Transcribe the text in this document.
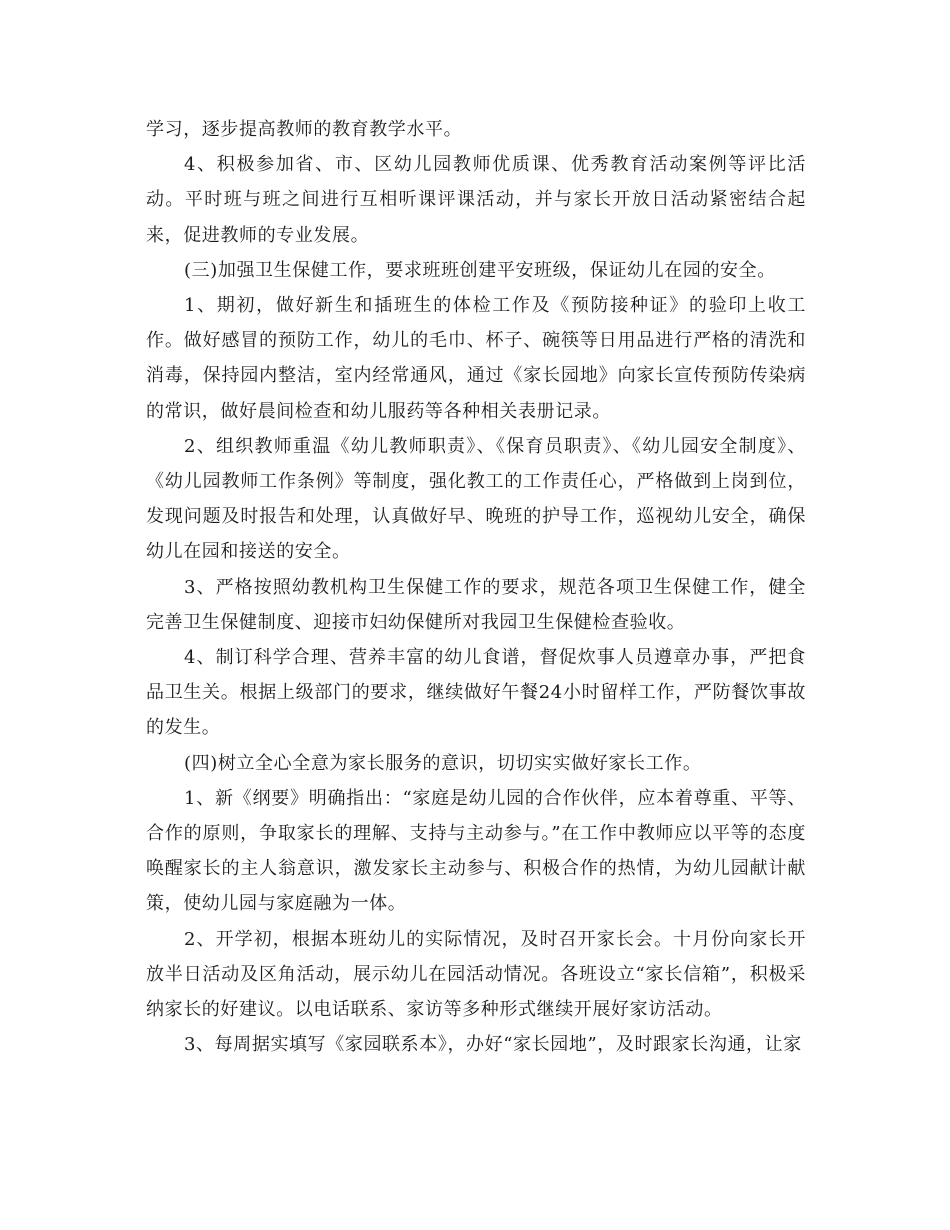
学习，逐步提高教师的教育教学水平。

4、积极参加省、市、区幼儿园教师优质课、优秀教育活动案例等评比活动。平时班与班之间进行互相听课评课活动，并与家长开放日活动紧密结合起来，促进教师的专业发展。

(三)加强卫生保健工作，要求班班创建平安班级，保证幼儿在园的安全。

1、期初，做好新生和插班生的体检工作及《预防接种证》的验印上收工作。做好感冒的预防工作，幼儿的毛巾、杯子、碗筷等日用品进行严格的清洗和消毒，保持园内整洁，室内经常通风，通过《家长园地》向家长宣传预防传染病的常识，做好晨间检查和幼儿服药等各种相关表册记录。

2、组织教师重温《幼儿教师职责》、《保育员职责》、《幼儿园安全制度》、《幼儿园教师工作条例》等制度，强化教工的工作责任心，严格做到上岗到位，发现问题及时报告和处理，认真做好早、晚班的护导工作，巡视幼儿安全，确保幼儿在园和接送的安全。

3、严格按照幼教机构卫生保健工作的要求，规范各项卫生保健工作，健全完善卫生保健制度、迎接市妇幼保健所对我园卫生保健检查验收。

4、制订科学合理、营养丰富的幼儿食谱，督促炊事人员遵章办事，严把食品卫生关。根据上级部门的要求，继续做好午餐24小时留样工作，严防餐饮事故的发生。

(四)树立全心全意为家长服务的意识，切切实实做好家长工作。

1、新《纲要》明确指出：“家庭是幼儿园的合作伙伴，应本着尊重、平等、合作的原则，争取家长的理解、支持与主动参与。”在工作中教师应以平等的态度唤醒家长的主人翁意识，激发家长主动参与、积极合作的热情，为幼儿园献计献策，使幼儿园与家庭融为一体。

2、开学初，根据本班幼儿的实际情况，及时召开家长会。十月份向家长开放半日活动及区角活动，展示幼儿在园活动情况。各班设立“家长信箱”，积极采纳家长的好建议。以电话联系、家访等多种形式继续开展好家访活动。

3、每周据实填写《家园联系本》，办好“家长园地”，及时跟家长沟通，让家
